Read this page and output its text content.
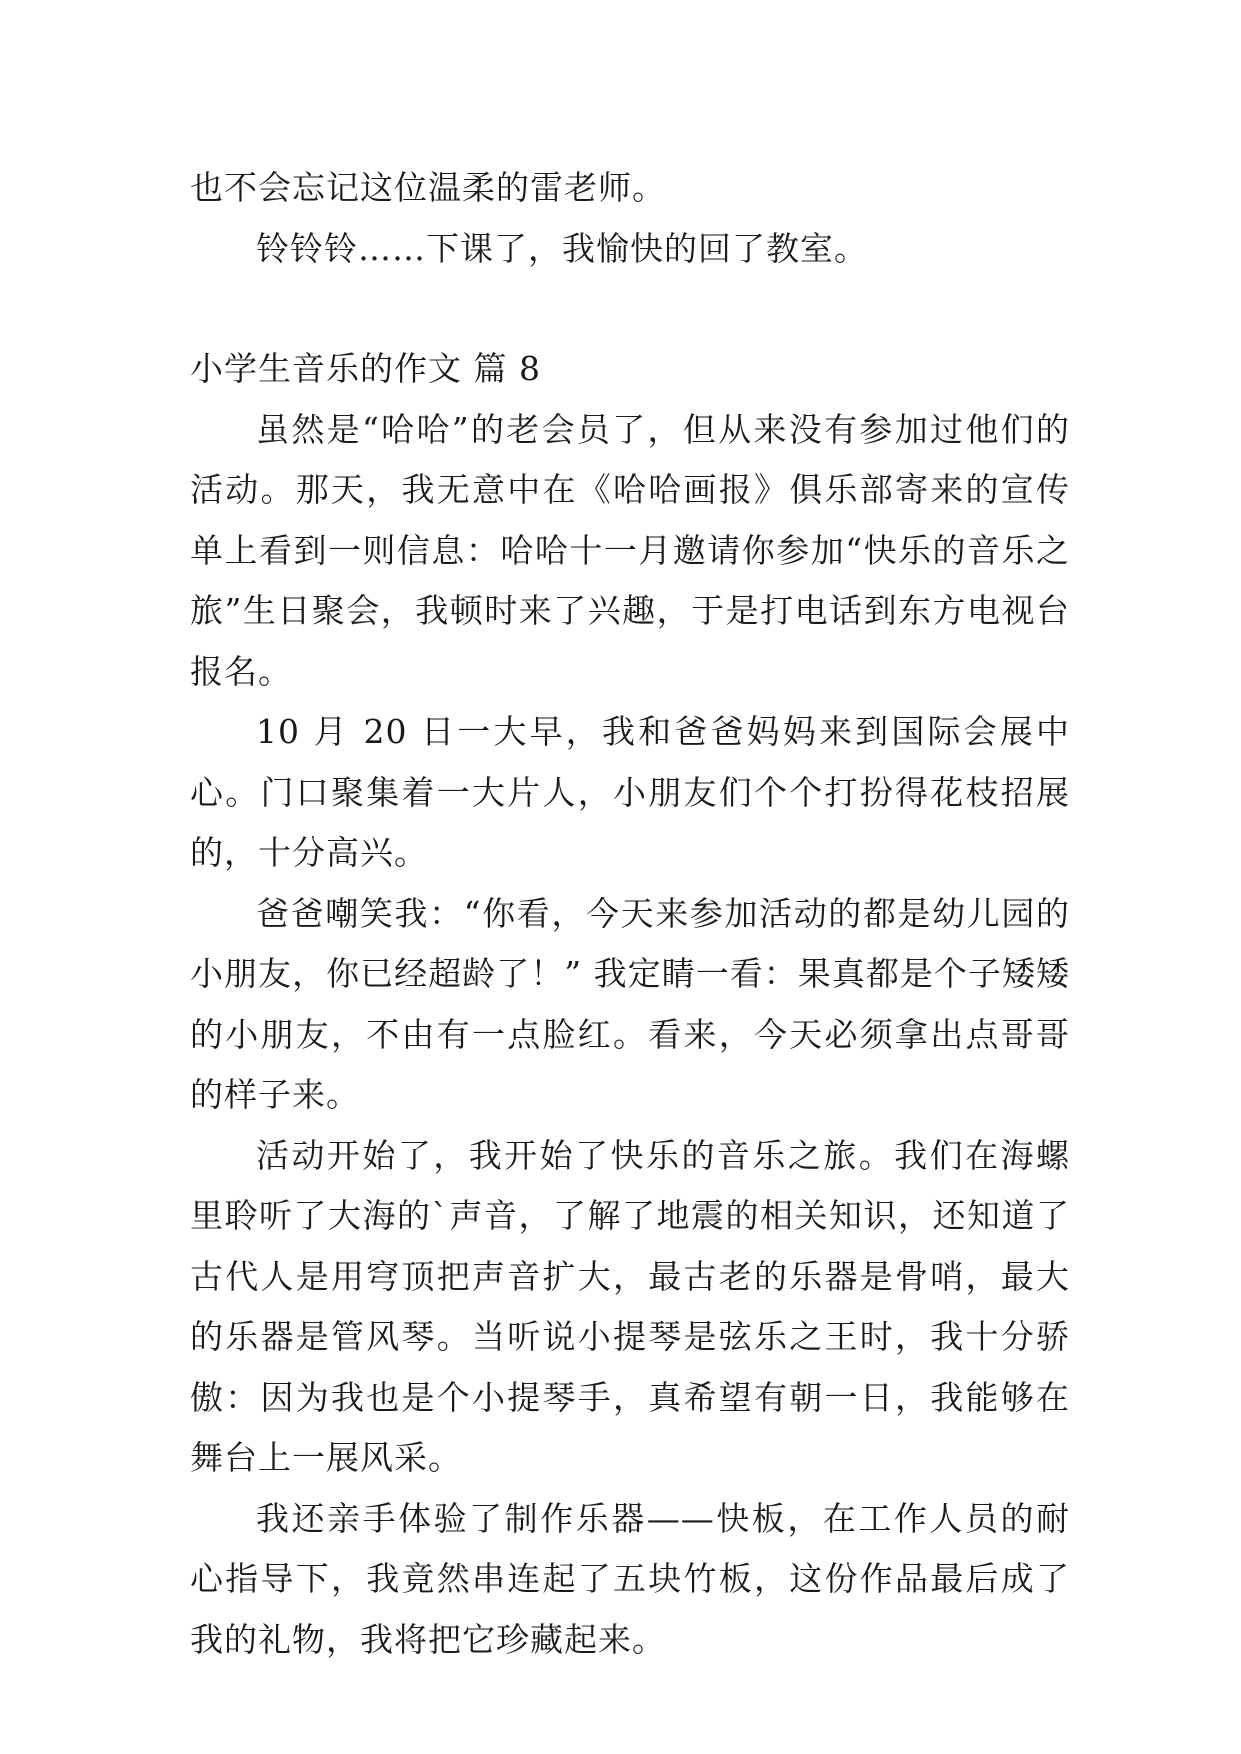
也不会忘记这位温柔的雷老师。

铃铃铃……下课了，我愉快的回了教室。

小学生音乐的作文 篇 8

虽然是“哈哈”的老会员了，但从来没有参加过他们的活动。那天，我无意中在《哈哈画报》俱乐部寄来的宣传单上看到一则信息：哈哈十一月邀请你参加“快乐的音乐之旅”生日聚会，我顿时来了兴趣，于是打电话到东方电视台报名。

10 月 20 日一大早，我和爸爸妈妈来到国际会展中心。门口聚集着一大片人，小朋友们个个打扮得花枝招展的，十分高兴。

爸爸嘲笑我：“你看，今天来参加活动的都是幼儿园的小朋友，你已经超龄了！” 我定睛一看：果真都是个子矮矮的小朋友，不由有一点脸红。看来，今天必须拿出点哥哥的样子来。

活动开始了，我开始了快乐的音乐之旅。我们在海螺里聆听了大海的`声音，了解了地震的相关知识，还知道了古代人是用穹顶把声音扩大，最古老的乐器是骨哨，最大的乐器是管风琴。当听说小提琴是弦乐之王时，我十分骄傲：因为我也是个小提琴手，真希望有朝一日，我能够在舞台上一展风采。

我还亲手体验了制作乐器——快板，在工作人员的耐心指导下，我竟然串连起了五块竹板，这份作品最后成了我的礼物，我将把它珍藏起来。
